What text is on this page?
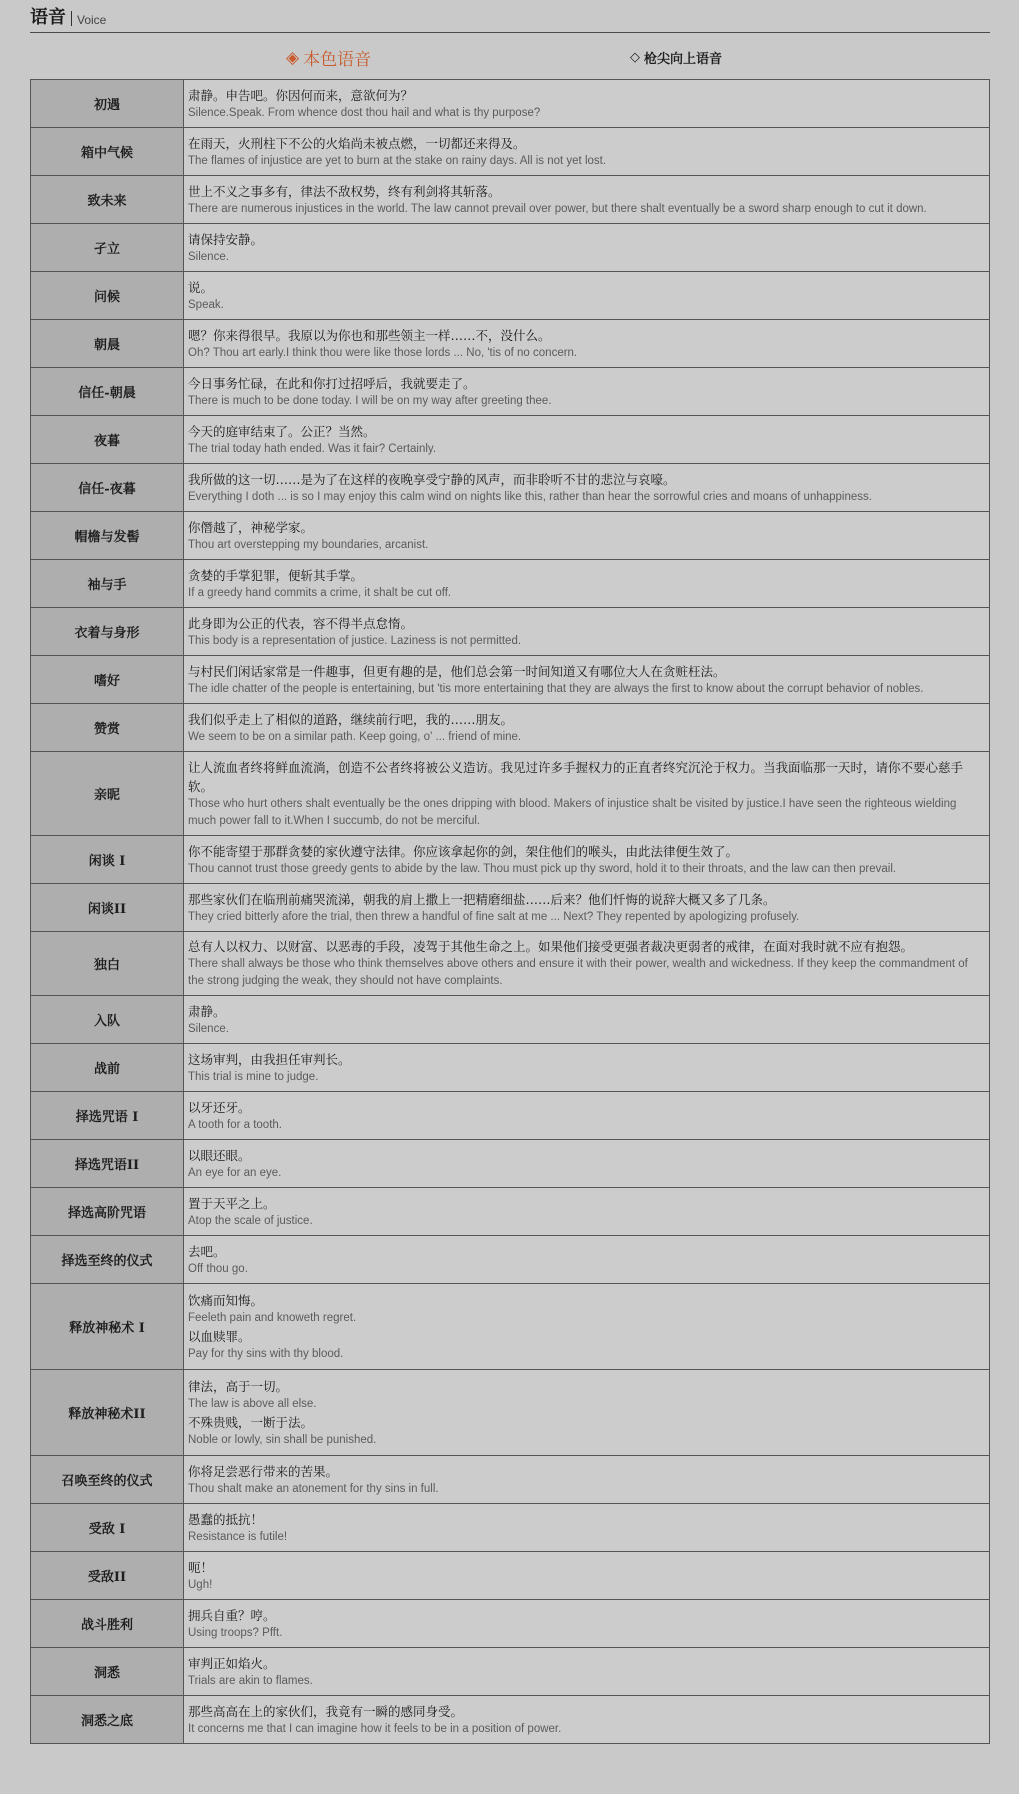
语音 Voice
◈ 本色语音	◇ 枪尖向上语音
初遇	肃静。申告吧。你因何而来，意欲何为？
Silence.Speak. From whence dost thou hail and what is thy purpose?

箱中气候	在雨天，火刑柱下不公的火焰尚未被点燃，一切都还来得及。
The flames of injustice are yet to burn at the stake on rainy days. All is not yet lost.

致未来	世上不义之事多有，律法不敌权势，终有利剑将其斩落。
There are numerous injustices in the world. The law cannot prevail over power, but there shalt eventually be a sword sharp enough to cut it down.

孑立	请保持安静。
Silence.

问候	说。
Speak.

朝晨	嗯？你来得很早。我原以为你也和那些领主一样……不，没什么。
Oh? Thou art early.I think thou were like those lords ... No, 'tis of no concern.

信任-朝晨	今日事务忙碌，在此和你打过招呼后，我就要走了。
There is much to be done today. I will be on my way after greeting thee.

夜暮	今天的庭审结束了。公正？当然。
The trial today hath ended. Was it fair? Certainly.

信任-夜暮	我所做的这一切……是为了在这样的夜晚享受宁静的风声，而非聆听不甘的悲泣与哀嚎。
Everything I doth ... is so I may enjoy this calm wind on nights like this, rather than hear the sorrowful cries and moans of unhappiness.

帽檐与发髻	你僭越了，神秘学家。
Thou art overstepping my boundaries, arcanist.

袖与手	贪婪的手掌犯罪，便斩其手掌。
If a greedy hand commits a crime, it shalt be cut off.

衣着与身形	此身即为公正的代表，容不得半点怠惰。
This body is a representation of justice. Laziness is not permitted.

嗜好	与村民们闲话家常是一件趣事，但更有趣的是，他们总会第一时间知道又有哪位大人在贪赃枉法。
The idle chatter of the people is entertaining, but 'tis more entertaining that they are always the first to know about the corrupt behavior of nobles.

赞赏	我们似乎走上了相似的道路，继续前行吧，我的……朋友。
We seem to be on a similar path. Keep going, o' ... friend of mine.

亲昵	让人流血者终将鲜血流淌，创造不公者终将被公义造访。我见过许多手握权力的正直者终究沉沦于权力。当我面临那一天时，请你不要心慈手软。
Those who hurt others shalt eventually be the ones dripping with blood. Makers of injustice shalt be visited by justice.I have seen the righteous wielding much power fall to it.When I succumb, do not be merciful.

闲谈 I	你不能寄望于那群贪婪的家伙遵守法律。你应该拿起你的剑，架住他们的喉头，由此法律便生效了。
Thou cannot trust those greedy gents to abide by the law. Thou must pick up thy sword, hold it to their throats, and the law can then prevail.

闲谈II	那些家伙们在临刑前痛哭流涕，朝我的肩上撒上一把精磨细盐……后来？他们忏悔的说辞大概又多了几条。
They cried bitterly afore the trial, then threw a handful of fine salt at me ... Next? They repented by apologizing profusely.

独白	总有人以权力、以财富、以恶毒的手段，凌驾于其他生命之上。如果他们接受更强者裁决更弱者的戒律，在面对我时就不应有抱怨。
There shall always be those who think themselves above others and ensure it with their power, wealth and wickedness. If they keep the commandment of the strong judging the weak, they should not have complaints.

入队	肃静。
Silence.

战前	这场审判，由我担任审判长。
This trial is mine to judge.

择选咒语 I	以牙还牙。
A tooth for a tooth.

择选咒语II	以眼还眼。
An eye for an eye.

择选高阶咒语	置于天平之上。
Atop the scale of justice.

择选至终的仪式	去吧。
Off thou go.

释放神秘术 I	饮痛而知悔。
Feeleth pain and knoweth regret.
以血赎罪。
Pay for thy sins with thy blood.

释放神秘术II	律法，高于一切。
The law is above all else.
不殊贵贱，一断于法。
Noble or lowly, sin shall be punished.

召唤至终的仪式	你将足尝恶行带来的苦果。
Thou shalt make an atonement for thy sins in full.

受敌 I	愚蠢的抵抗！
Resistance is futile!

受敌II	呃！
Ugh!

战斗胜利	拥兵自重？哼。
Using troops? Pfft.

洞悉	审判正如焰火。
Trials are akin to flames.

洞悉之底	那些高高在上的家伙们，我竟有一瞬的感同身受。
It concerns me that I can imagine how it feels to be in a position of power.
